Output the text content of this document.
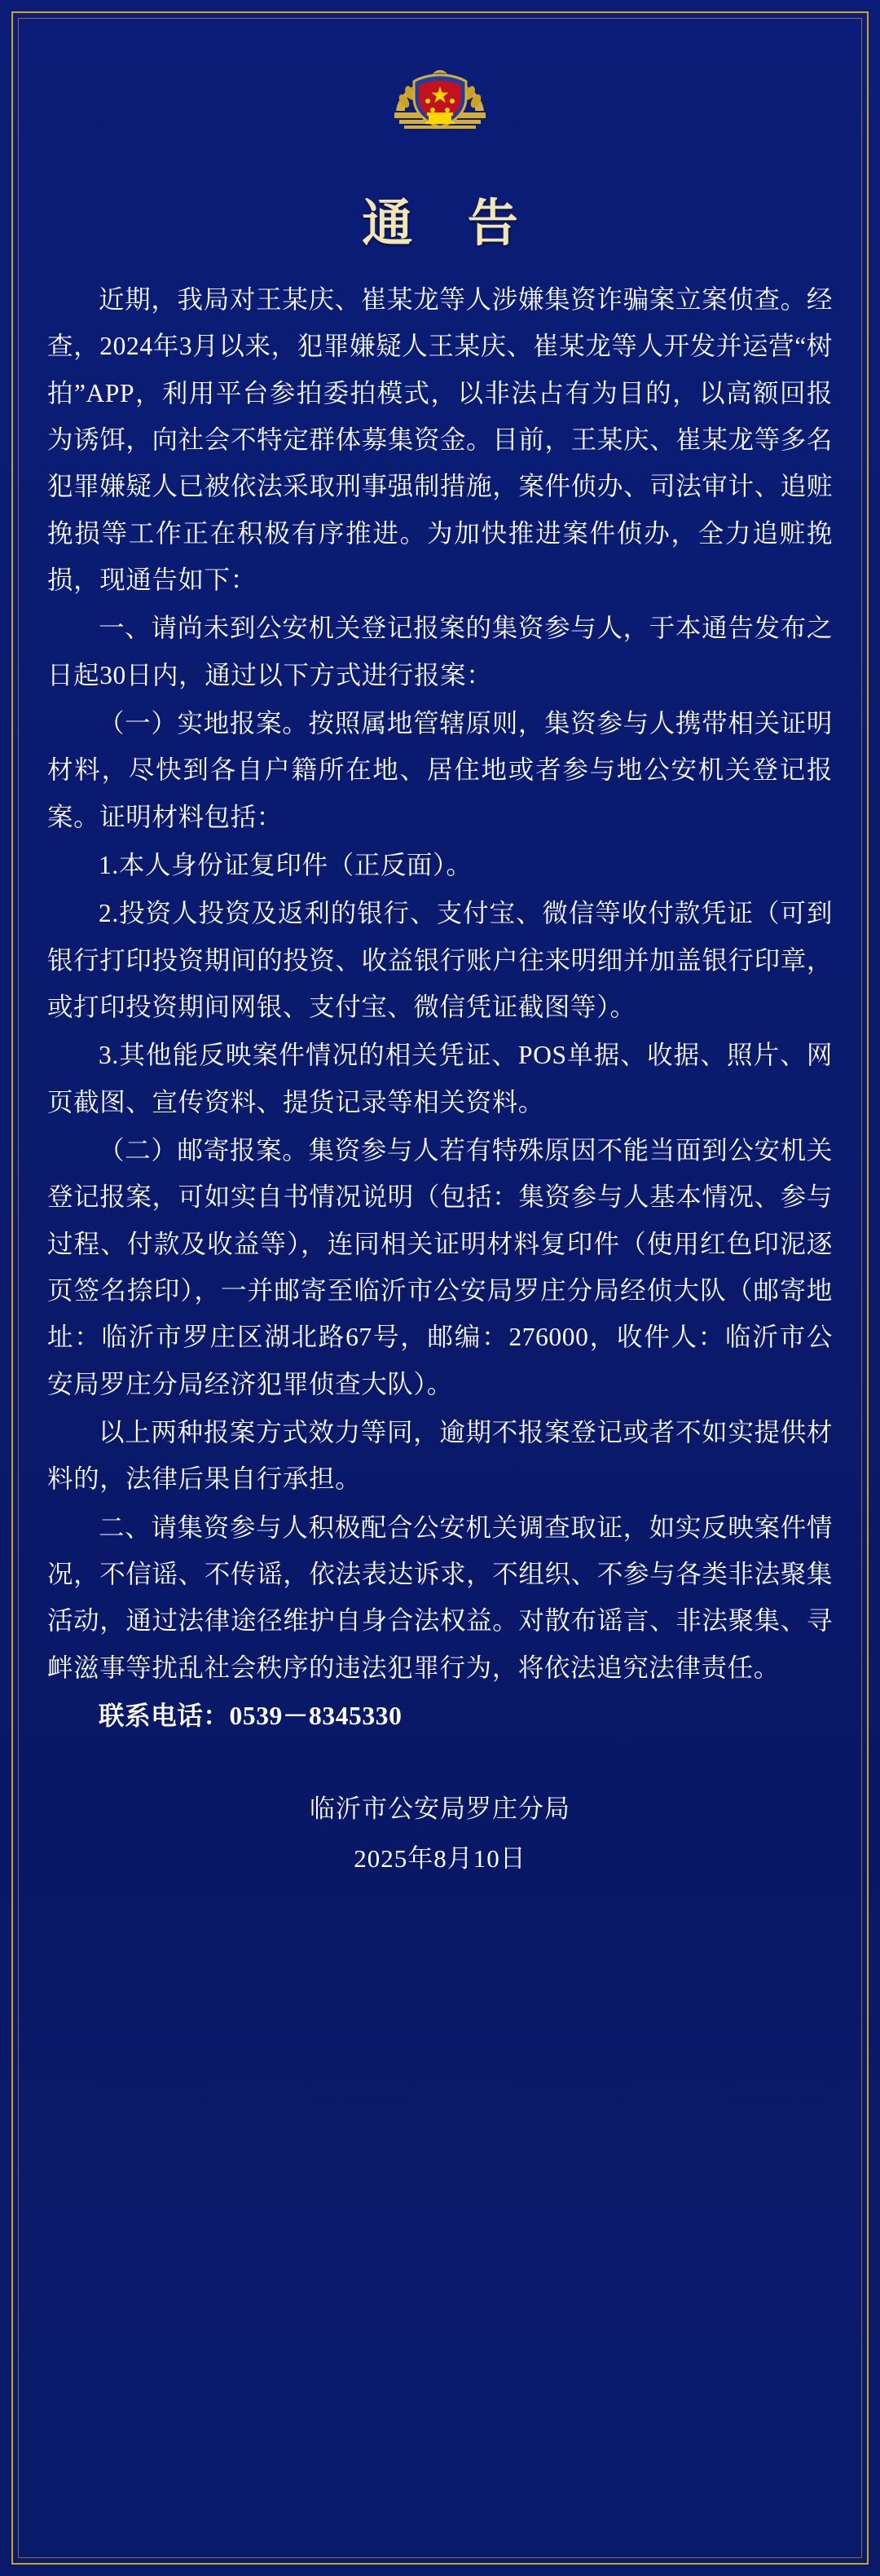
通 告

近期，我局对王某庆、崔某龙等人涉嫌集资诈骗案立案侦查。经查，2024年3月以来，犯罪嫌疑人王某庆、崔某龙等人开发并运营“树拍”APP，利用平台参拍委拍模式，以非法占有为目的，以高额回报为诱饵，向社会不特定群体募集资金。目前，王某庆、崔某龙等多名犯罪嫌疑人已被依法采取刑事强制措施，案件侦办、司法审计、追赃挽损等工作正在积极有序推进。为加快推进案件侦办，全力追赃挽损，现通告如下：

一、请尚未到公安机关登记报案的集资参与人，于本通告发布之日起30日内，通过以下方式进行报案：

（一）实地报案。按照属地管辖原则，集资参与人携带相关证明材料，尽快到各自户籍所在地、居住地或者参与地公安机关登记报案。证明材料包括：

1.本人身份证复印件（正反面）。

2.投资人投资及返利的银行、支付宝、微信等收付款凭证（可到银行打印投资期间的投资、收益银行账户往来明细并加盖银行印章，或打印投资期间网银、支付宝、微信凭证截图等）。

3.其他能反映案件情况的相关凭证、POS单据、收据、照片、网页截图、宣传资料、提货记录等相关资料。

（二）邮寄报案。集资参与人若有特殊原因不能当面到公安机关登记报案，可如实自书情况说明（包括：集资参与人基本情况、参与过程、付款及收益等），连同相关证明材料复印件（使用红色印泥逐页签名捺印），一并邮寄至临沂市公安局罗庄分局经侦大队（邮寄地址：临沂市罗庄区湖北路67号，邮编：276000，收件人：临沂市公安局罗庄分局经济犯罪侦查大队）。

以上两种报案方式效力等同，逾期不报案登记或者不如实提供材料的，法律后果自行承担。

二、请集资参与人积极配合公安机关调查取证，如实反映案件情况，不信谣、不传谣，依法表达诉求，不组织、不参与各类非法聚集活动，通过法律途径维护自身合法权益。对散布谣言、非法聚集、寻衅滋事等扰乱社会秩序的违法犯罪行为，将依法追究法律责任。

联系电话：0539－8345330

临沂市公安局罗庄分局
2025年8月10日
